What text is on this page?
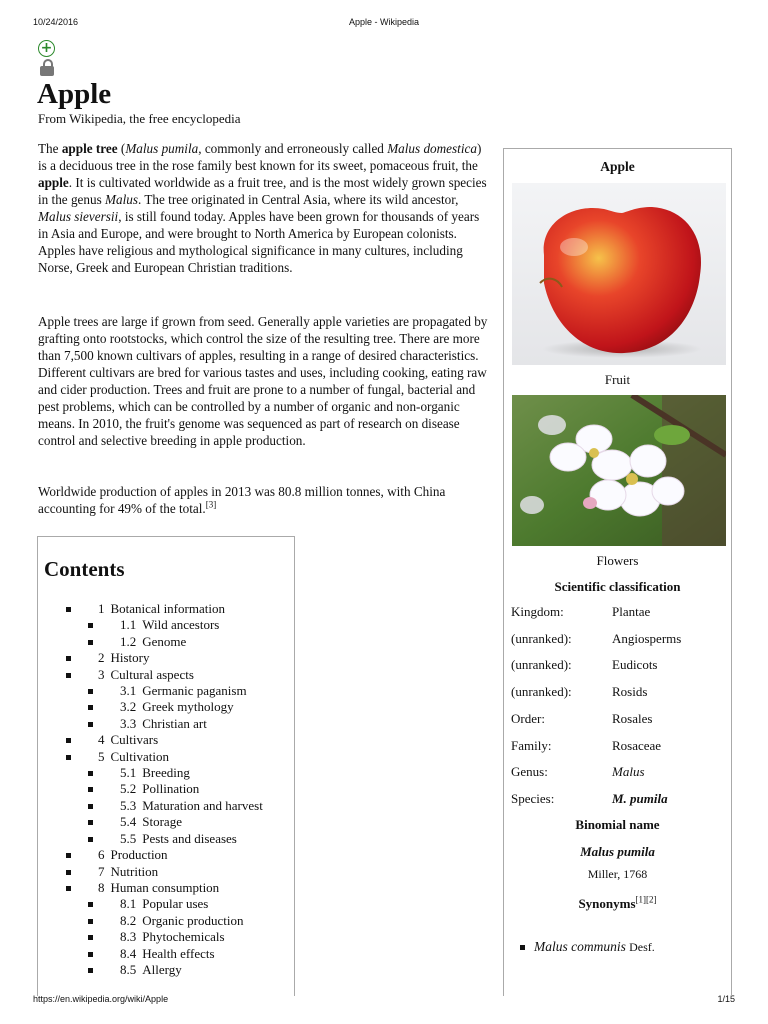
10/24/2016	Apple - Wikipedia
https://en.wikipedia.org/wiki/Apple	1/15
+
Apple
From Wikipedia, the free encyclopedia

The apple tree (Malus pumila, commonly and erroneously called Malus domestica) is a deciduous tree in the rose family best known for its sweet, pomaceous fruit, the apple. It is cultivated worldwide as a fruit tree, and is the most widely grown species in the genus Malus. The tree originated in Central Asia, where its wild ancestor, Malus sieversii, is still found today. Apples have been grown for thousands of years in Asia and Europe, and were brought to North America by European colonists. Apples have religious and mythological significance in many cultures, including Norse, Greek and European Christian traditions.

Apple trees are large if grown from seed. Generally apple varieties are propagated by grafting onto rootstocks, which control the size of the resulting tree. There are more than 7,500 known cultivars of apples, resulting in a range of desired characteristics. Different cultivars are bred for various tastes and uses, including cooking, eating raw and cider production. Trees and fruit are prone to a number of fungal, bacterial and pest problems, which can be controlled by a number of organic and non-organic means. In 2010, the fruit's genome was sequenced as part of research on disease control and selective breeding in apple production.

Worldwide production of apples in 2013 was 80.8 million tonnes, with China accounting for 49% of the total.[3]

Contents
1 Botanical information
1.1 Wild ancestors
1.2 Genome
2 History
3 Cultural aspects
3.1 Germanic paganism
3.2 Greek mythology
3.3 Christian art
4 Cultivars
5 Cultivation
5.1 Breeding
5.2 Pollination
5.3 Maturation and harvest
5.4 Storage
5.5 Pests and diseases
6 Production
7 Nutrition
8 Human consumption
8.1 Popular uses
8.2 Organic production
8.3 Phytochemicals
8.4 Health effects
8.5 Allergy
Apple
Fruit
Flowers
Scientific classification
Kingdom:	Plantae
(unranked):	Angiosperms
(unranked):	Eudicots
(unranked):	Rosids
Order:	Rosales
Family:	Rosaceae
Genus:	Malus
Species:	M. pumila
Binomial name
Malus pumila
Miller, 1768
Synonyms[1][2]
Malus communis Desf.
